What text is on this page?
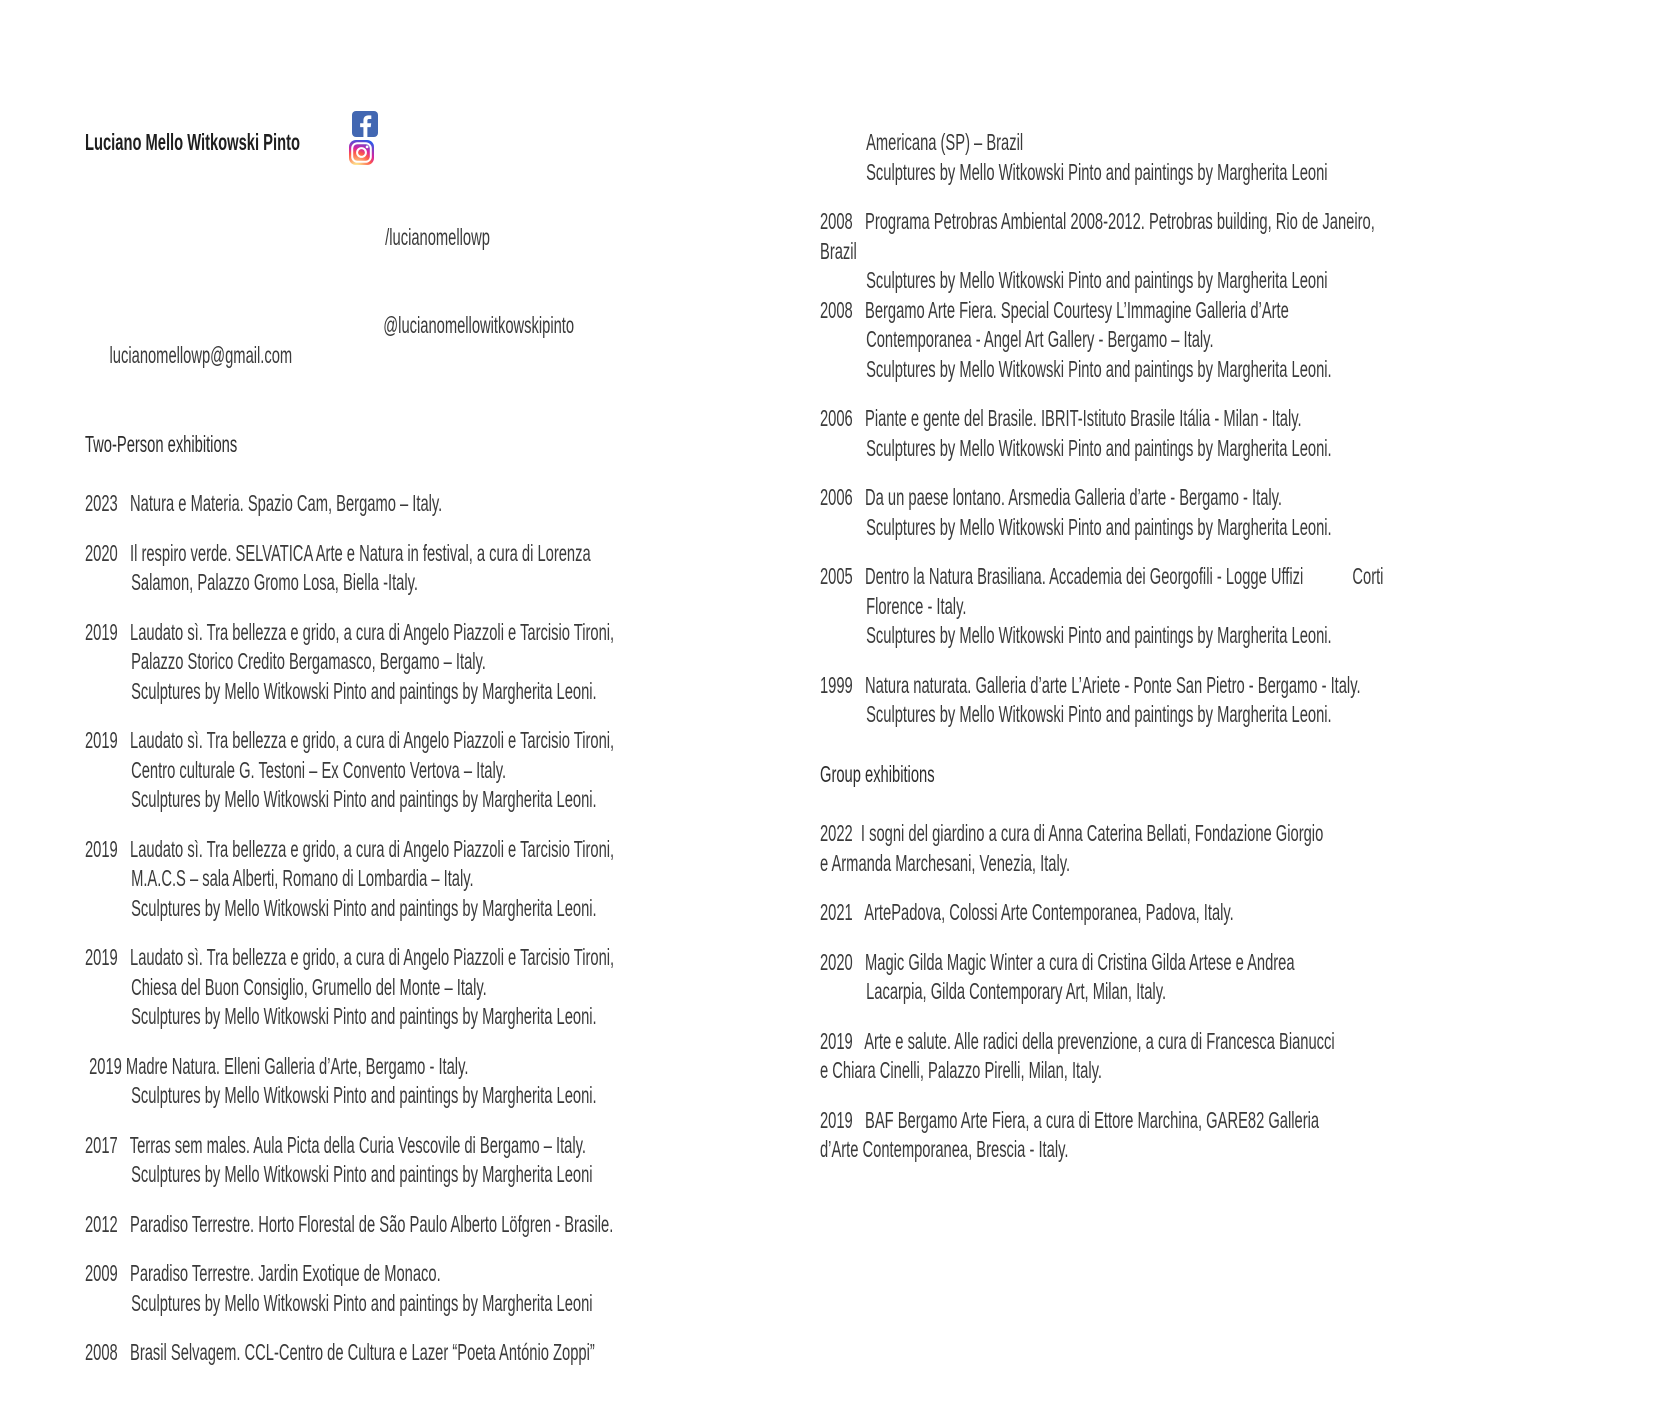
Luciano Mello Witkowski Pinto

/lucianomellowp

lucianomellowp@gmail.com

@lucianomellowitkowskipinto

Two-Person exhibitions
2023   Natura e Materia. Spazio Cam, Bergamo – Italy.
2020   Il respiro verde. SELVATICA Arte e Natura in festival, a cura di Lorenza
Salamon, Palazzo Gromo Losa, Biella -Italy.
2019   Laudato sì. Tra bellezza e grido, a cura di Angelo Piazzoli e Tarcisio Tironi,
Palazzo Storico Credito Bergamasco, Bergamo – Italy.
Sculptures by Mello Witkowski Pinto and paintings by Margherita Leoni.
2019   Laudato sì. Tra bellezza e grido, a cura di Angelo Piazzoli e Tarcisio Tironi,
Centro culturale G. Testoni – Ex Convento Vertova – Italy.
Sculptures by Mello Witkowski Pinto and paintings by Margherita Leoni.
2019   Laudato sì. Tra bellezza e grido, a cura di Angelo Piazzoli e Tarcisio Tironi,
M.A.C.S – sala Alberti, Romano di Lombardia – Italy.
Sculptures by Mello Witkowski Pinto and paintings by Margherita Leoni.
2019   Laudato sì. Tra bellezza e grido, a cura di Angelo Piazzoli e Tarcisio Tironi,
Chiesa del Buon Consiglio, Grumello del Monte – Italy.
Sculptures by Mello Witkowski Pinto and paintings by Margherita Leoni.
2019 Madre Natura. Elleni Galleria d’Arte, Bergamo - Italy.
Sculptures by Mello Witkowski Pinto and paintings by Margherita Leoni.
2017   Terras sem males. Aula Picta della Curia Vescovile di Bergamo – Italy.
Sculptures by Mello Witkowski Pinto and paintings by Margherita Leoni
2012   Paradiso Terrestre. Horto Florestal de São Paulo Alberto Löfgren - Brasile.
2009   Paradiso Terrestre. Jardin Exotique de Monaco.
Sculptures by Mello Witkowski Pinto and paintings by Margherita Leoni
2008   Brasil Selvagem. CCL-Centro de Cultura e Lazer “Poeta António Zoppi”

Americana (SP) – Brazil
Sculptures by Mello Witkowski Pinto and paintings by Margherita Leoni
2008   Programa Petrobras Ambiental 2008-2012. Petrobras building, Rio de Janeiro,
Brazil
Sculptures by Mello Witkowski Pinto and paintings by Margherita Leoni
2008   Bergamo Arte Fiera. Special Courtesy L’Immagine Galleria d’Arte
Contemporanea - Angel Art Gallery - Bergamo – Italy.
Sculptures by Mello Witkowski Pinto and paintings by Margherita Leoni.
2006   Piante e gente del Brasile. IBRIT-Istituto Brasile Itália - Milan - Italy.
Sculptures by Mello Witkowski Pinto and paintings by Margherita Leoni.
2006   Da un paese lontano. Arsmedia Galleria d’arte - Bergamo - Italy.
Sculptures by Mello Witkowski Pinto and paintings by Margherita Leoni.
2005   Dentro la Natura Brasiliana. Accademia dei Georgofili - Logge Uffizi            Corti
Florence - Italy.
Sculptures by Mello Witkowski Pinto and paintings by Margherita Leoni.
1999   Natura naturata. Galleria d’arte L’Ariete - Ponte San Pietro - Bergamo - Italy.
Sculptures by Mello Witkowski Pinto and paintings by Margherita Leoni.
Group exhibitions
2022  I sogni del giardino a cura di Anna Caterina Bellati, Fondazione Giorgio
e Armanda Marchesani, Venezia, Italy.
2021   ArtePadova, Colossi Arte Contemporanea, Padova, Italy.
2020   Magic Gilda Magic Winter a cura di Cristina Gilda Artese e Andrea
Lacarpia, Gilda Contemporary Art, Milan, Italy.
2019   Arte e salute. Alle radici della prevenzione, a cura di Francesca Bianucci
e Chiara Cinelli, Palazzo Pirelli, Milan, Italy.
2019   BAF Bergamo Arte Fiera, a cura di Ettore Marchina, GARE82 Galleria
d’Arte Contemporanea, Brescia - Italy.
